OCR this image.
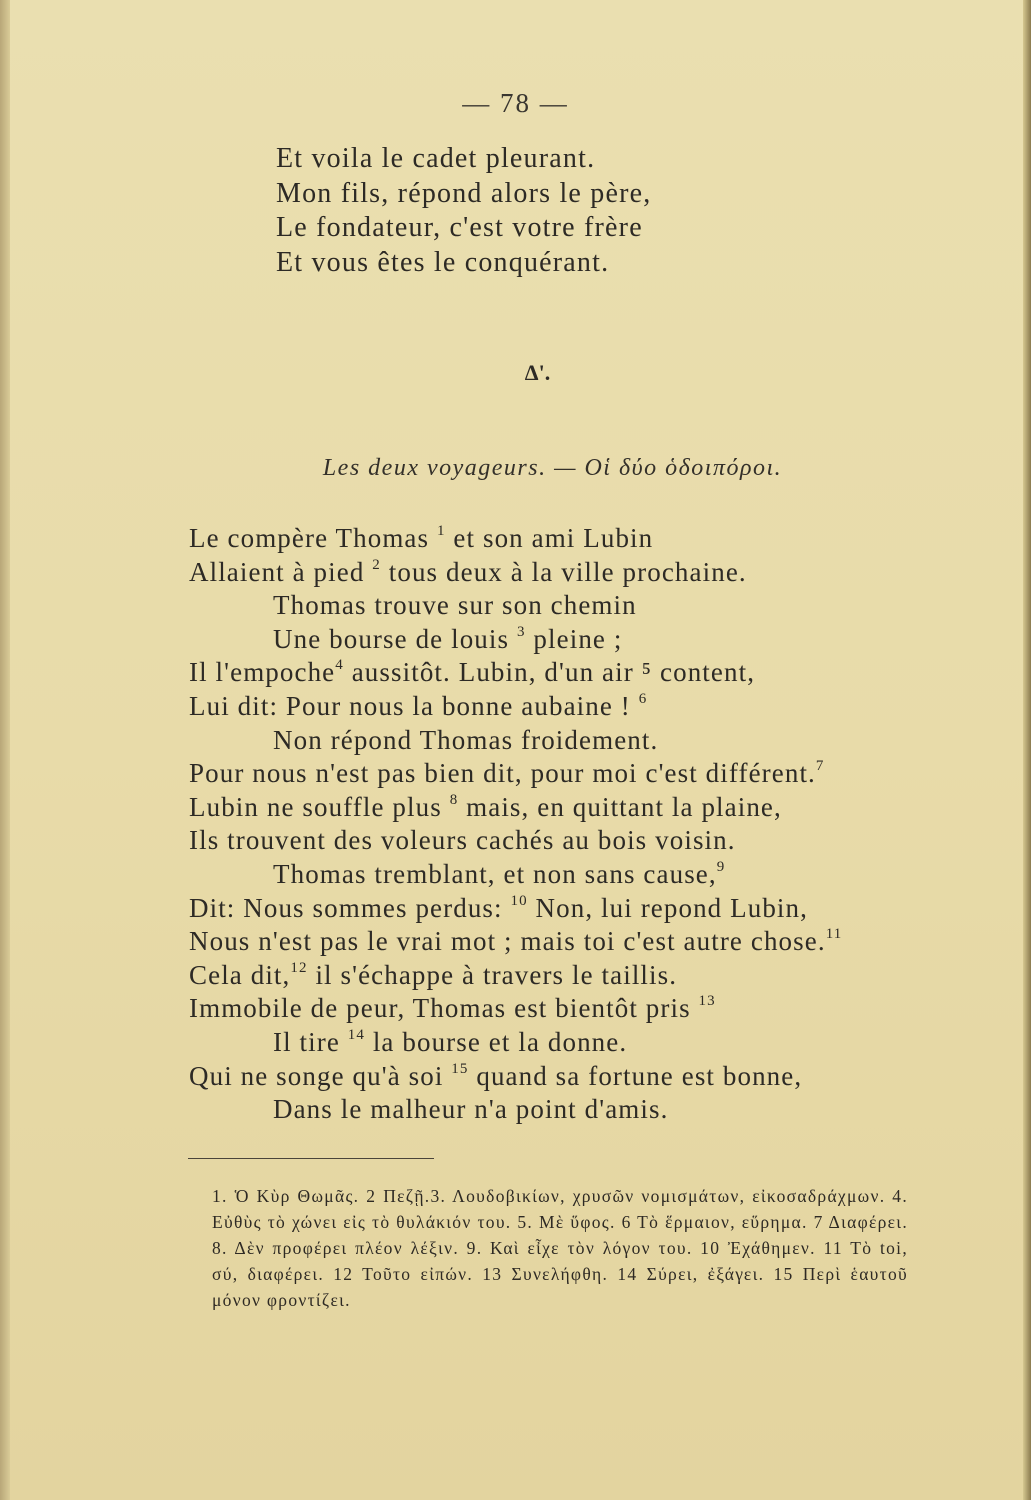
— 78 —
Et voila le cadet pleurant.
Mon fils, répond alors le père,
Le fondateur, c'est votre frère
Et vous êtes le conquérant.
Δ'.
Les deux voyageurs. — Οἱ δύο ὁδοιπόροι.
Le compère Thomas $^1$ et son ami Lubin
Allaient à pied $^2$ tous deux à la ville prochaine.
Thomas trouve sur son chemin
Une bourse de louis $^3$ pleine ;
Il l'empoche$^4$ aussitôt. Lubin, d'un air ⁵ content,
Lui dit: Pour nous la bonne aubaine ! $^6$
Non répond Thomas froidement.
Pour nous n'est pas bien dit, pour moi c'est différent.$^7$
Lubin ne souffle plus $^8$ mais, en quittant la plaine,
Ils trouvent des voleurs cachés au bois voisin.
Thomas tremblant, et non sans cause,$^9$
Dit: Nous sommes perdus: $^{10}$ Non, lui repond Lubin,
Nous n'est pas le vrai mot ; mais toi c'est autre chose.$^{11}$
Cela dit,$^{12}$ il s'échappe à travers le taillis.
Immobile de peur, Thomas est bientôt pris $^{13}$
Il tire $^{14}$ la bourse et la donne.
Qui ne songe qu'à soi $^{15}$ quand sa fortune est bonne,
Dans le malheur n'a point d'amis.
1. Ὁ Κὺρ Θωμᾶς. 2 Πεζῇ.3. Λουδοβικίων, χρυσῶν νομισμάτων, εἰκοσαδράχμων. 4. Εὐθὺς τὸ χώνει εἰς τὸ θυλάκιόν του. 5. Μὲ ὕφος. 6 Τὸ ἕρμαιον, εὕρημα. 7 Διαφέρει. 8. Δὲν προφέρει πλέον λέξιν. 9. Καὶ εἶχε τὸν λόγον του. 10 Ἐχάθημεν. 11 Τὸ toi, σύ, διαφέρει. 12 Τοῦτο εἰπών. 13 Συνελήφθη. 14 Σύρει, ἐξάγει. 15 Περὶ ἑαυτοῦ μόνον φροντίζει.
